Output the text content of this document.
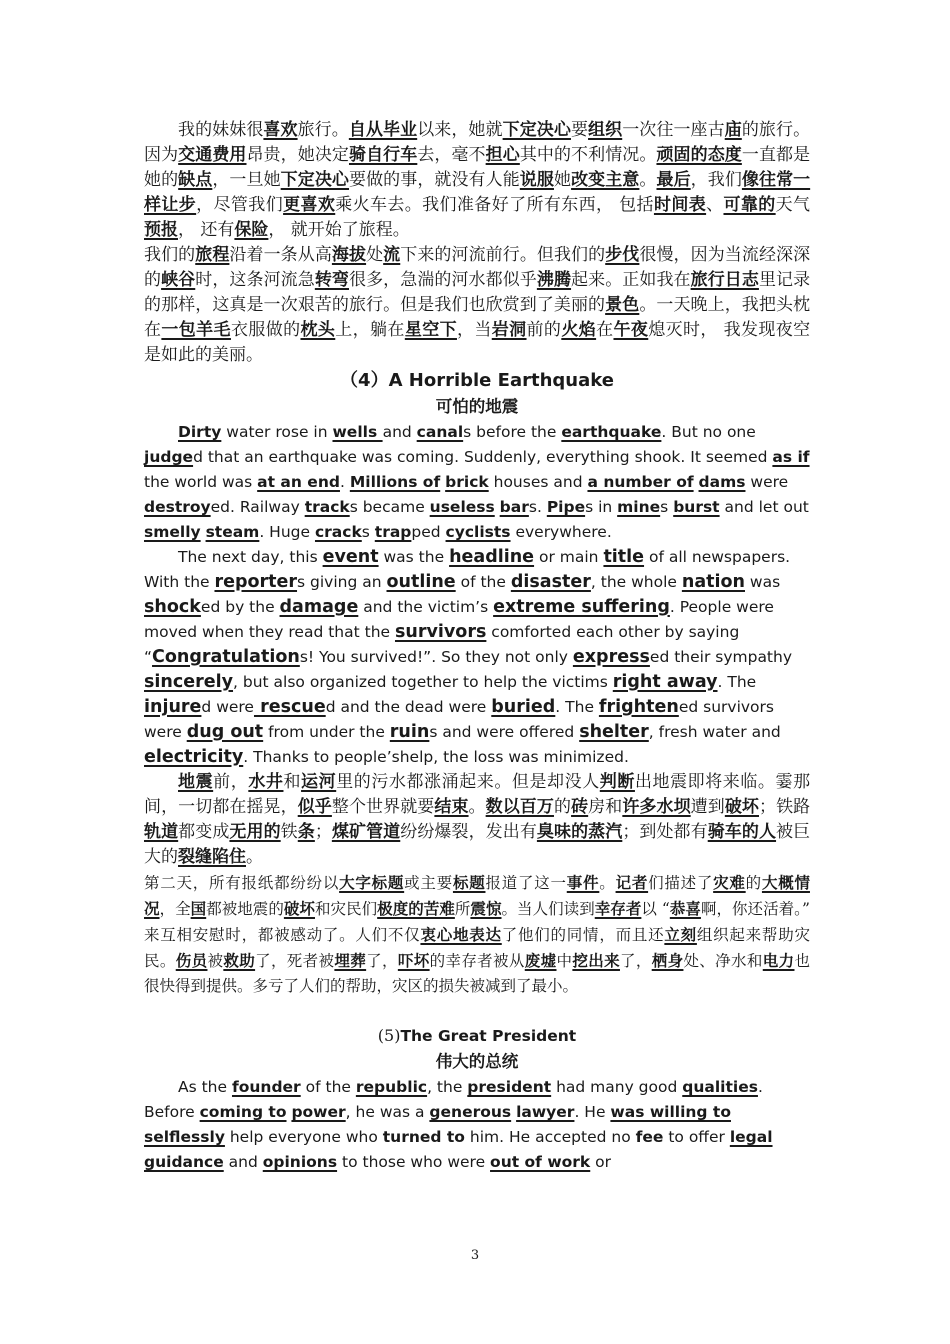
我的妹妹很喜欢旅行。自从毕业以来，她就下定决心要组织一次往一座古庙的旅行。因为交通费用昂贵，她决定骑自行车去，毫不担心其中的不利情况。顽固的态度一直都是她的缺点，一旦她下定决心要做的事，就没有人能说服她改变主意。最后，我们像往常一样让步，尽管我们更喜欢乘火车去。我们准备好了所有东西， 包括时间表、可靠的天气预报， 还有保险， 就开始了旅程。

我们的旅程沿着一条从高海拔处流下来的河流前行。但我们的步伐很慢，因为当流经深深的峡谷时，这条河流急转弯很多，急湍的河水都似乎沸腾起来。正如我在旅行日志里记录的那样，这真是一次艰苦的旅行。但是我们也欣赏到了美丽的景色。一天晚上，我把头枕在一包羊毛衣服做的枕头上，躺在星空下，当岩洞前的火焰在午夜熄灭时， 我发现夜空是如此的美丽。

（4）A Horrible Earthquake

可怕的地震

Dirty water rose in wells and canals before the earthquake. But no one judged that an earthquake was coming. Suddenly, everything shook. It seemed as if the world was at an end. Millions of brick houses and a number of dams were destroyed. Railway tracks became useless bars. Pipes in mines burst and let out smelly steam. Huge cracks trapped cyclists everywhere.

The next day, this event was the headline or main title of all newspapers. With the reporters giving an outline of the disaster, the whole nation was shocked by the damage and the victim’s extreme suffering. People were moved when they read that the survivors comforted each other by saying “Congratulations! You survived!”. So they not only expressed their sympathy sincerely, but also organized together to help the victims right away. The injured were rescued and the dead were buried. The frightened survivors were dug out from under the ruins and were offered shelter, fresh water and electricity. Thanks to people’shelp, the loss was minimized.

地震前，水井和运河里的污水都涨涌起来。但是却没人判断出地震即将来临。霎那间，一切都在摇晃，似乎整个世界就要结束。数以百万的砖房和许多水坝遭到破坏；铁路轨道都变成无用的铁条；煤矿管道纷纷爆裂，发出有臭味的蒸汽；到处都有骑车的人被巨大的裂缝陷住。

第二天，所有报纸都纷纷以大字标题或主要标题报道了这一事件。记者们描述了灾难的大概情况，全国都被地震的破坏和灾民们极度的苦难所震惊。当人们读到幸存者以 “恭喜啊，你还活着。” 来互相安慰时，都被感动了。人们不仅衷心地表达了他们的同情，而且还立刻组织起来帮助灾民。伤员被救助了，死者被埋葬了，吓坏的幸存者被从废墟中挖出来了，栖身处、净水和电力也很快得到提供。多亏了人们的帮助，灾区的损失被减到了最小。

(5)The Great President

伟大的总统

As the founder of the republic, the president had many good qualities. Before coming to power, he was a generous lawyer. He was willing to selflessly help everyone who turned to him. He accepted no fee to offer legal guidance and opinions to those who were out of work or

3
